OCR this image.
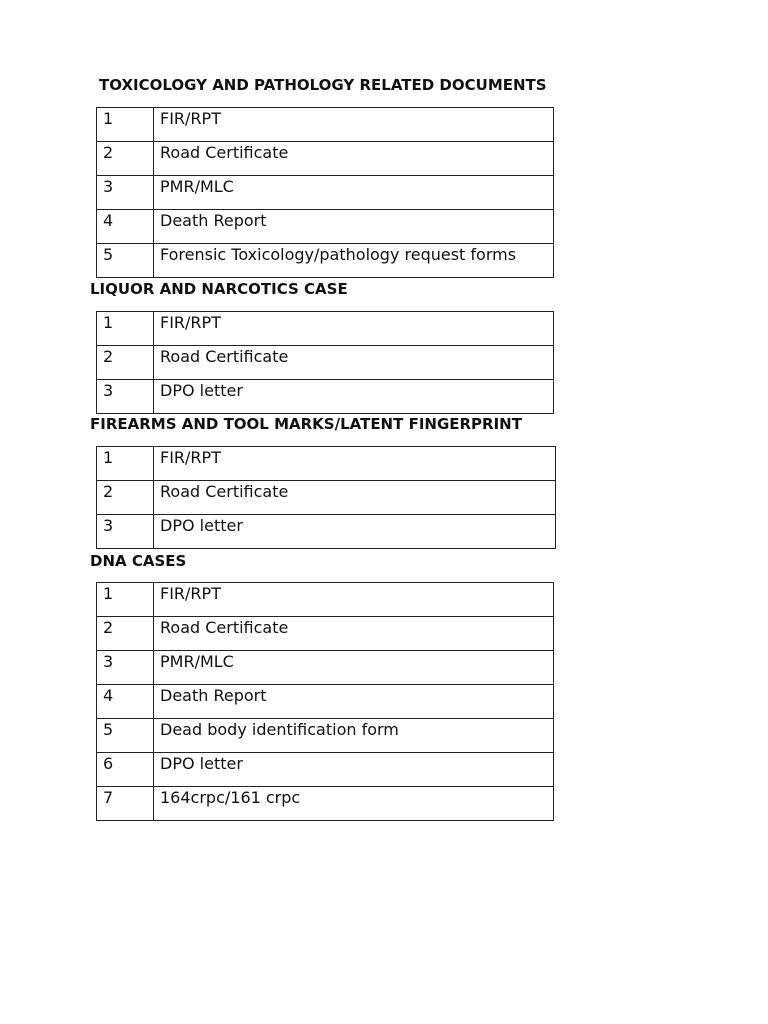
TOXICOLOGY AND PATHOLOGY RELATED DOCUMENTS
1	FIR/RPT
2	Road Certificate
3	PMR/MLC
4	Death Report
5	Forensic Toxicology/pathology request forms
LIQUOR AND NARCOTICS CASE
1	FIR/RPT
2	Road Certificate
3	DPO letter
FIREARMS AND TOOL MARKS/LATENT FINGERPRINT
1	FIR/RPT
2	Road Certificate
3	DPO letter
DNA CASES
1	FIR/RPT
2	Road Certificate
3	PMR/MLC
4	Death Report
5	Dead body identification form
6	DPO letter
7	164crpc/161 crpc
